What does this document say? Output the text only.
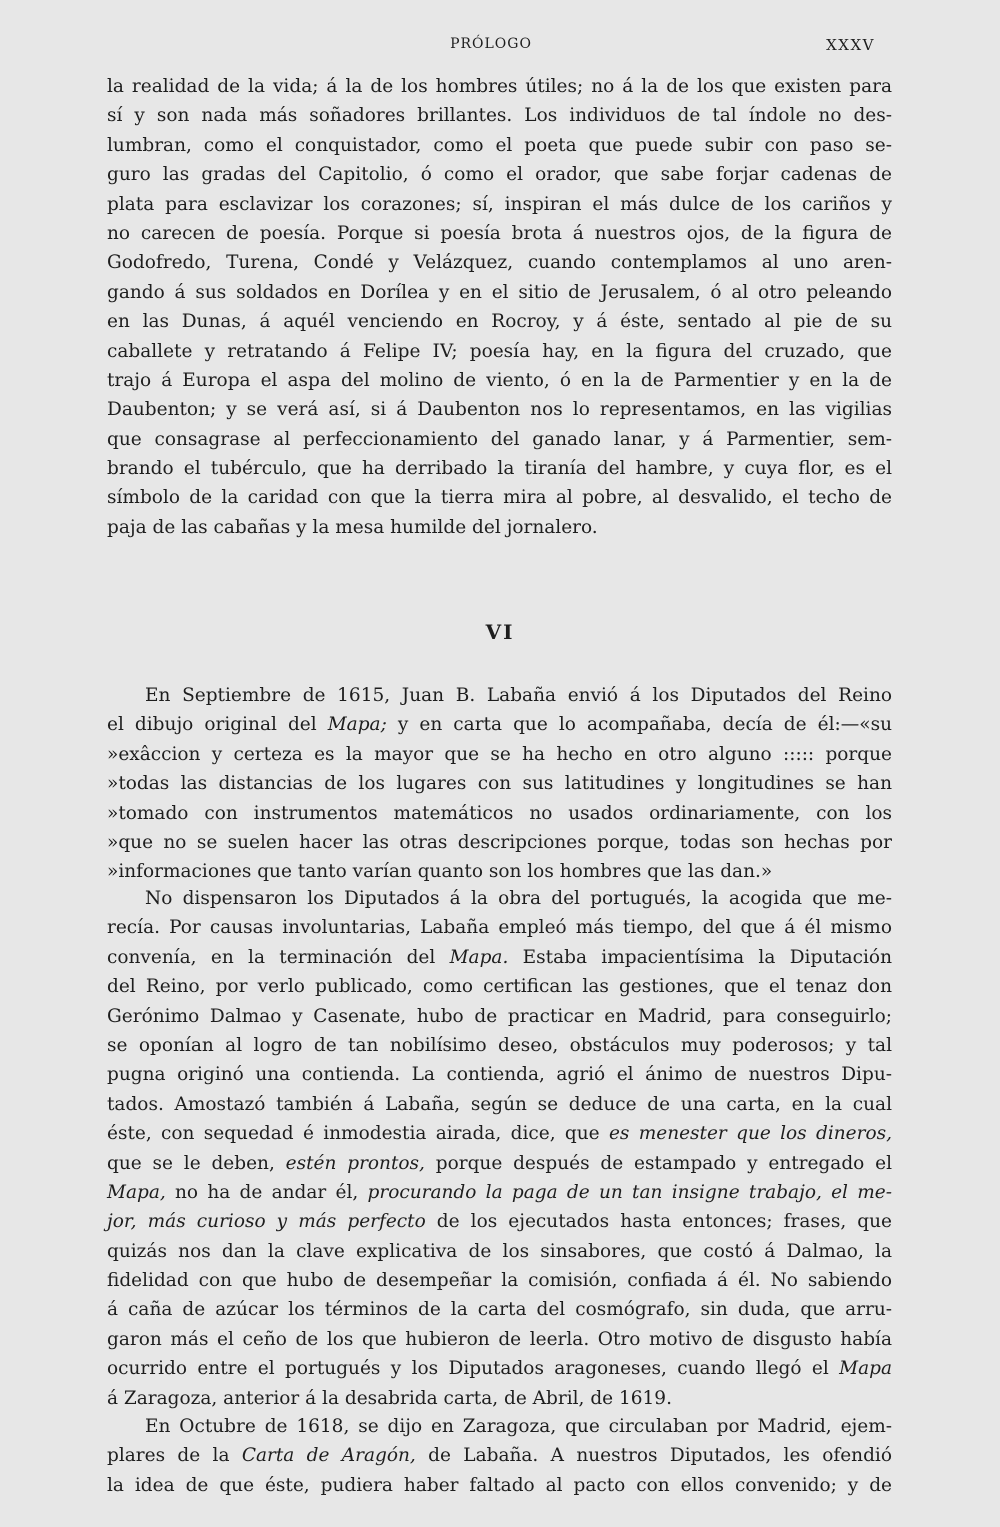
PRÓLOGO	XXXV
la realidad de la vida; á la de los hombres útiles; no á la de los que existen para
sí y son nada más soñadores brillantes. Los individuos de tal índole no des-
lumbran, como el conquistador, como el poeta que puede subir con paso se-
guro las gradas del Capitolio, ó como el orador, que sabe forjar cadenas de
plata para esclavizar los corazones; sí, inspiran el más dulce de los cariños y
no carecen de poesía. Porque si poesía brota á nuestros ojos, de la figura de
Godofredo, Turena, Condé y Velázquez, cuando contemplamos al uno aren-
gando á sus soldados en Dorílea y en el sitio de Jerusalem, ó al otro peleando
en las Dunas, á aquél venciendo en Rocroy, y á éste, sentado al pie de su
caballete y retratando á Felipe IV; poesía hay, en la figura del cruzado, que
trajo á Europa el aspa del molino de viento, ó en la de Parmentier y en la de
Daubenton; y se verá así, si á Daubenton nos lo representamos, en las vigilias
que consagrase al perfeccionamiento del ganado lanar, y á Parmentier, sem-
brando el tubérculo, que ha derribado la tiranía del hambre, y cuya flor, es el
símbolo de la caridad con que la tierra mira al pobre, al desvalido, el techo de
paja de las cabañas y la mesa humilde del jornalero.
VI
En Septiembre de 1615, Juan B. Labaña envió á los Diputados del Reino
el dibujo original del Mapa; y en carta que lo acompañaba, decía de él:—«su
»exâccion y certeza es la mayor que se ha hecho en otro alguno ::::: porque
»todas las distancias de los lugares con sus latitudines y longitudines se han
»tomado con instrumentos matemáticos no usados ordinariamente, con los
»que no se suelen hacer las otras descripciones porque, todas son hechas por
»informaciones que tanto varían quanto son los hombres que las dan.»
No dispensaron los Diputados á la obra del portugués, la acogida que me-
recía. Por causas involuntarias, Labaña empleó más tiempo, del que á él mismo
convenía, en la terminación del Mapa. Estaba impacientísima la Diputación
del Reino, por verlo publicado, como certifican las gestiones, que el tenaz don
Gerónimo Dalmao y Casenate, hubo de practicar en Madrid, para conseguirlo;
se oponían al logro de tan nobilísimo deseo, obstáculos muy poderosos; y tal
pugna originó una contienda. La contienda, agrió el ánimo de nuestros Dipu-
tados. Amostazó también á Labaña, según se deduce de una carta, en la cual
éste, con sequedad é inmodestia airada, dice, que es menester que los dineros,
que se le deben, estén prontos, porque después de estampado y entregado el
Mapa, no ha de andar él, procurando la paga de un tan insigne trabajo, el me-
jor, más curioso y más perfecto de los ejecutados hasta entonces; frases, que
quizás nos dan la clave explicativa de los sinsabores, que costó á Dalmao, la
fidelidad con que hubo de desempeñar la comisión, confiada á él. No sabiendo
á caña de azúcar los términos de la carta del cosmógrafo, sin duda, que arru-
garon más el ceño de los que hubieron de leerla. Otro motivo de disgusto había
ocurrido entre el portugués y los Diputados aragoneses, cuando llegó el Mapa
á Zaragoza, anterior á la desabrida carta, de Abril, de 1619.
En Octubre de 1618, se dijo en Zaragoza, que circulaban por Madrid, ejem-
plares de la Carta de Aragón, de Labaña. A nuestros Diputados, les ofendió
la idea de que éste, pudiera haber faltado al pacto con ellos convenido; y de
